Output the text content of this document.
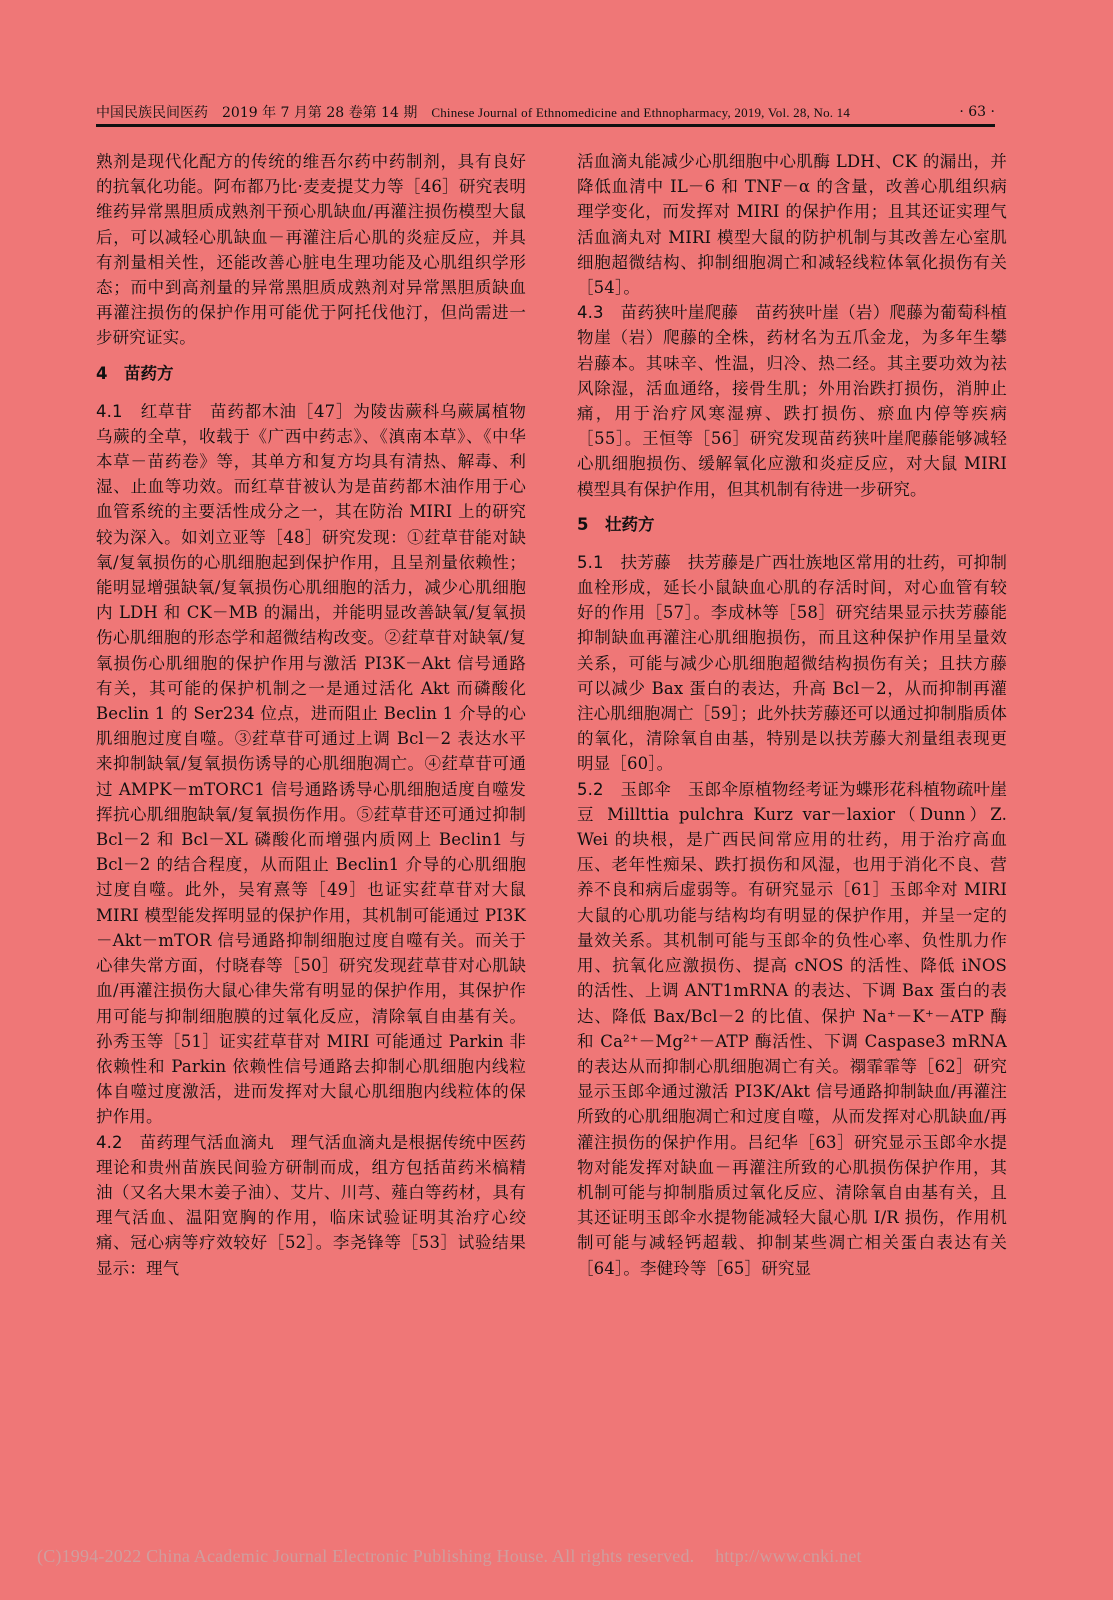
中国民族民间医药 2019 年 7 月第 28 卷第 14 期 Chinese Journal of Ethnomedicine and Ethnopharmacy, 2019, Vol. 28, No. 14	· 63 ·

熟剂是现代化配方的传统的维吾尔药中药制剂，具有良好的抗氧化功能。阿布都乃比·麦麦提艾力等［46］研究表明维药异常黑胆质成熟剂干预心肌缺血/再灌注损伤模型大鼠后，可以减轻心肌缺血－再灌注后心肌的炎症反应，并具有剂量相关性，还能改善心脏电生理功能及心肌组织学形态；而中到高剂量的异常黑胆质成熟剂对异常黑胆质缺血再灌注损伤的保护作用可能优于阿托伐他汀，但尚需进一步研究证实。

4　苗药方

4.1　红草苷　苗药都木油［47］为陵齿蕨科乌蕨属植物乌蕨的全草，收载于《广西中药志》、《滇南本草》、《中华本草－苗药卷》等，其单方和复方均具有清热、解毒、利湿、止血等功效。而红草苷被认为是苗药都木油作用于心血管系统的主要活性成分之一，其在防治 MIRI 上的研究较为深入。如刘立亚等［48］研究发现：①荭草苷能对缺氧/复氧损伤的心肌细胞起到保护作用，且呈剂量依赖性；能明显增强缺氧/复氧损伤心肌细胞的活力，减少心肌细胞内 LDH 和 CK－MB 的漏出，并能明显改善缺氧/复氧损伤心肌细胞的形态学和超微结构改变。②荭草苷对缺氧/复氧损伤心肌细胞的保护作用与激活 PI3K－Akt 信号通路有关，其可能的保护机制之一是通过活化 Akt 而磷酸化 Beclin 1 的 Ser234 位点，进而阻止 Beclin 1 介导的心肌细胞过度自噬。③荭草苷可通过上调 Bcl－2 表达水平来抑制缺氧/复氧损伤诱导的心肌细胞凋亡。④荭草苷可通过 AMPK－mTORC1 信号通路诱导心肌细胞适度自噬发挥抗心肌细胞缺氧/复氧损伤作用。⑤荭草苷还可通过抑制 Bcl－2 和 Bcl－XL 磷酸化而增强内质网上 Beclin1 与 Bcl－2 的结合程度，从而阻止 Beclin1 介导的心肌细胞过度自噬。此外，吴宥熹等［49］也证实荭草苷对大鼠 MIRI 模型能发挥明显的保护作用，其机制可能通过 PI3K－Akt－mTOR 信号通路抑制细胞过度自噬有关。而关于心律失常方面，付晓春等［50］研究发现荭草苷对心肌缺血/再灌注损伤大鼠心律失常有明显的保护作用，其保护作用可能与抑制细胞膜的过氧化反应，清除氧自由基有关。孙秀玉等［51］证实荭草苷对 MIRI 可能通过 Parkin 非依赖性和 Parkin 依赖性信号通路去抑制心肌细胞内线粒体自噬过度激活，进而发挥对大鼠心肌细胞内线粒体的保护作用。

4.2　苗药理气活血滴丸　理气活血滴丸是根据传统中医药理论和贵州苗族民间验方研制而成，组方包括苗药米槁精油（又名大果木姜子油）、艾片、川芎、薤白等药材，具有理气活血、温阳宽胸的作用，临床试验证明其治疗心绞痛、冠心病等疗效较好［52］。李尧锋等［53］试验结果显示：理气

活血滴丸能减少心肌细胞中心肌酶 LDH、CK 的漏出，并降低血清中 IL－6 和 TNF－α 的含量，改善心肌组织病理学变化，而发挥对 MIRI 的保护作用；且其还证实理气活血滴丸对 MIRI 模型大鼠的防护机制与其改善左心室肌细胞超微结构、抑制细胞凋亡和减轻线粒体氧化损伤有关［54］。

4.3　苗药狭叶崖爬藤　苗药狭叶崖（岩）爬藤为葡萄科植物崖（岩）爬藤的全株，药材名为五爪金龙，为多年生攀岩藤本。其味辛、性温，归冷、热二经。其主要功效为祛风除湿，活血通络，接骨生肌；外用治跌打损伤，消肿止痛，用于治疗风寒湿痹、跌打损伤、瘀血内停等疾病［55］。王恒等［56］研究发现苗药狭叶崖爬藤能够减轻心肌细胞损伤、缓解氧化应激和炎症反应，对大鼠 MIRI 模型具有保护作用，但其机制有待进一步研究。

5　壮药方

5.1　扶芳藤　扶芳藤是广西壮族地区常用的壮药，可抑制血栓形成，延长小鼠缺血心肌的存活时间，对心血管有较好的作用［57］。李成林等［58］研究结果显示扶芳藤能抑制缺血再灌注心肌细胞损伤，而且这种保护作用呈量效关系，可能与减少心肌细胞超微结构损伤有关；且扶方藤可以减少 Bax 蛋白的表达，升高 Bcl－2，从而抑制再灌注心肌细胞凋亡［59］；此外扶芳藤还可以通过抑制脂质体的氧化，清除氧自由基，特别是以扶芳藤大剂量组表现更明显［60］。

5.2　玉郎伞　玉郎伞原植物经考证为蝶形花科植物疏叶崖豆 Millttia pulchra Kurz var－laxior（Dunn）Z. Wei 的块根，是广西民间常应用的壮药，用于治疗高血压、老年性痴呆、跌打损伤和风湿，也用于消化不良、营养不良和病后虚弱等。有研究显示［61］玉郎伞对 MIRI 大鼠的心肌功能与结构均有明显的保护作用，并呈一定的量效关系。其机制可能与玉郎伞的负性心率、负性肌力作用、抗氧化应激损伤、提高 cNOS 的活性、降低 iNOS 的活性、上调 ANT1mRNA 的表达、下调 Bax 蛋白的表达、降低 Bax/Bcl－2 的比值、保护 Na⁺－K⁺－ATP 酶和 Ca²⁺－Mg²⁺－ATP 酶活性、下调 Caspase3 mRNA 的表达从而抑制心肌细胞凋亡有关。禤霏霏等［62］研究显示玉郎伞通过激活 PI3K/Akt 信号通路抑制缺血/再灌注所致的心肌细胞凋亡和过度自噬，从而发挥对心肌缺血/再灌注损伤的保护作用。吕纪华［63］研究显示玉郎伞水提物对能发挥对缺血－再灌注所致的心肌损伤保护作用，其机制可能与抑制脂质过氧化反应、清除氧自由基有关，且其还证明玉郎伞水提物能减轻大鼠心肌 I/R 损伤，作用机制可能与减轻钙超载、抑制某些凋亡相关蛋白表达有关［64］。李健玲等［65］研究显

(C)1994-2022 China Academic Journal Electronic Publishing House. All rights reserved. http://www.cnki.net
